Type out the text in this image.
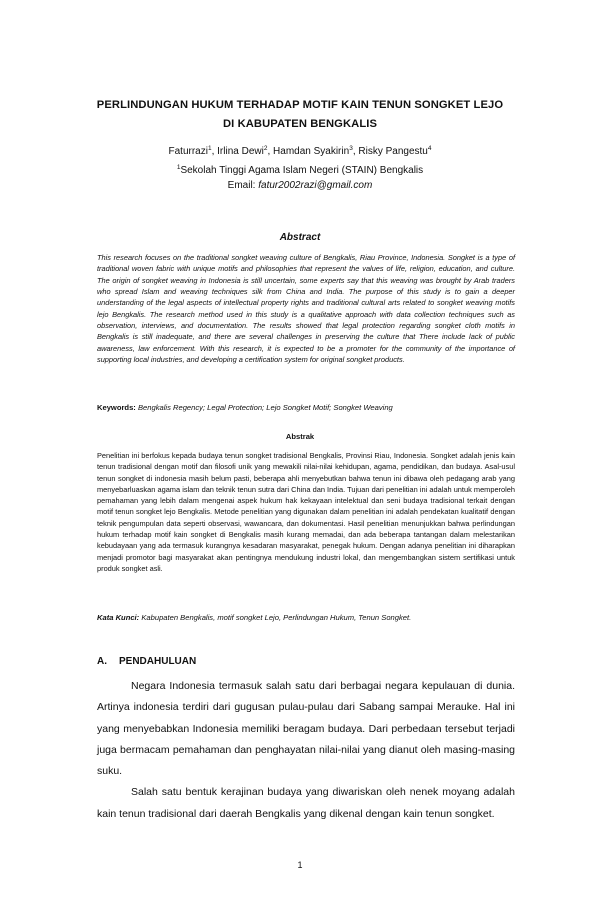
PERLINDUNGAN HUKUM TERHADAP MOTIF KAIN TENUN SONGKET LEJO
DI KABUPATEN BENGKALIS
Faturrazi$^1$, Irlina Dewi$^2$, Hamdan Syakirin$^3$, Risky Pangestu$^4$
$^1$Sekolah Tinggi Agama Islam Negeri (STAIN) Bengkalis
Email: fatur2002razi@gmail.com
Abstract
This research focuses on the traditional songket weaving culture of Bengkalis, Riau Province, Indonesia. Songket is a type of traditional woven fabric with unique motifs and philosophies that represent the values of life, religion, education, and culture. The origin of songket weaving in Indonesia is still uncertain, some experts say that this weaving was brought by Arab traders who spread Islam and weaving techniques silk from China and India. The purpose of this study is to gain a deeper understanding of the legal aspects of intellectual property rights and traditional cultural arts related to songket weaving motifs lejo Bengkalis. The research method used in this study is a qualitative approach with data collection techniques such as observation, interviews, and documentation. The results showed that legal protection regarding songket cloth motifs in Bengkalis is still inadequate, and there are several challenges in preserving the culture that There include lack of public awareness, law enforcement. With this research, it is expected to be a promoter for the community of the importance of supporting local industries, and developing a certification system for original songket products.
Keywords: Bengkalis Regency; Legal Protection; Lejo Songket Motif; Songket Weaving
Abstrak
Penelitian ini berfokus kepada budaya tenun songket tradisional Bengkalis, Provinsi Riau, Indonesia. Songket adalah jenis kain tenun tradisional dengan motif dan filosofi unik yang mewakili nilai-nilai kehidupan, agama, pendidikan, dan budaya. Asal-usul tenun songket di indonesia masih belum pasti, beberapa ahli menyebutkan bahwa tenun ini dibawa oleh pedagang arab yang menyebarluaskan agama islam dan teknik tenun sutra dari China dan India. Tujuan dari penelitian ini adalah untuk memperoleh pemahaman yang lebih dalam mengenai aspek hukum hak kekayaan intelektual dan seni budaya tradisional terkait dengan motif tenun songket lejo Bengkalis. Metode penelitian yang digunakan dalam penelitian ini adalah pendekatan kualitatif dengan teknik pengumpulan data seperti observasi, wawancara, dan dokumentasi. Hasil penelitian menunjukkan bahwa perlindungan hukum terhadap motif kain songket di Bengkalis masih kurang memadai, dan ada beberapa tantangan dalam melestarikan kebudayaan yang ada termasuk kurangnya kesadaran masyarakat, penegak hukum. Dengan adanya penelitian ini diharapkan menjadi promotor bagi masyarakat akan pentingnya mendukung industri lokal, dan mengembangkan sistem sertifikasi untuk produk songket asli.
Kata Kunci: Kabupaten Bengkalis, motif songket Lejo, Perlindungan Hukum, Tenun Songket.
A. PENDAHULUAN

Negara Indonesia termasuk salah satu dari berbagai negara kepulauan di dunia. Artinya indonesia terdiri dari gugusan pulau-pulau dari Sabang sampai Merauke. Hal ini yang menyebabkan Indonesia memiliki beragam budaya. Dari perbedaan tersebut terjadi juga bermacam pemahaman dan penghayatan nilai-nilai yang dianut oleh masing-masing suku.

Salah satu bentuk kerajinan budaya yang diwariskan oleh nenek moyang adalah kain tenun tradisional dari daerah Bengkalis yang dikenal dengan kain tenun songket.

1
